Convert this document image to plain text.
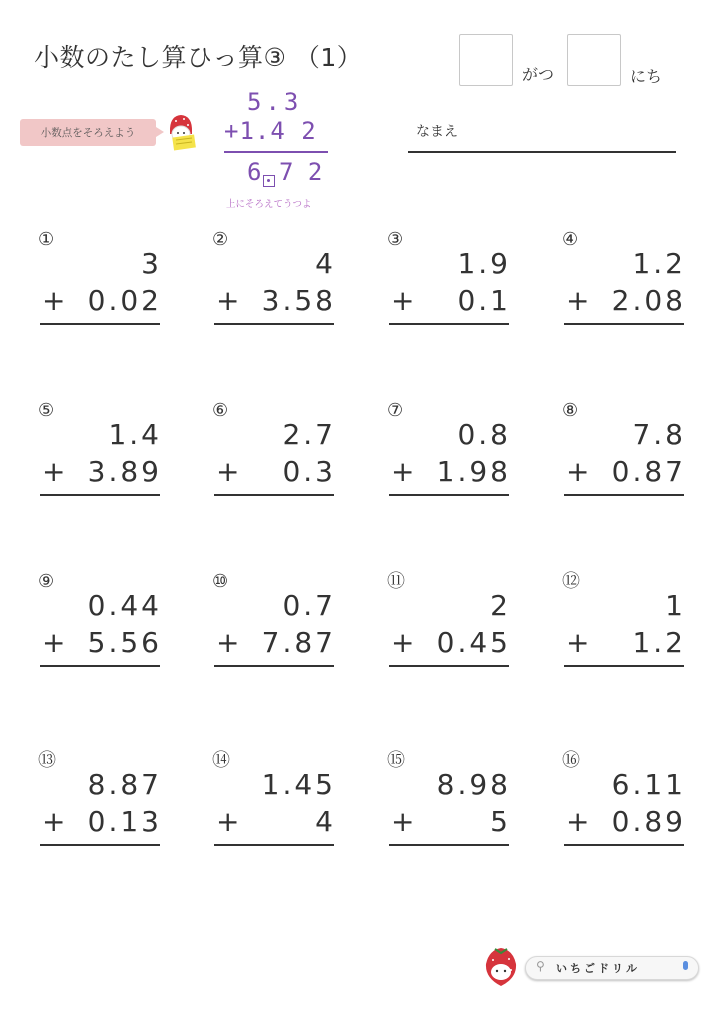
小数のたし算ひっ算③ （1）
がつ	にち
小数点をそろえよう
5.3
+1.4 2
6 7 2
上にそろえてうつよ
なまえ
①
3
+ 0.02
②
4
+ 3.58
③
1.9
+	0.1
④
1.2
+ 2.08
⑤
1.4
+ 3.89
⑥
2.7
+	0.3
⑦
0.8
+ 1.98
⑧
7.8
+ 0.87
⑨
0.44
+ 5.56
⑩
0.7
+ 7.87
⑪
2
+ 0.45
⑫
1
+	1.2
⑬
8.87
+ 0.13
⑭
1.45
+	4
⑮
8.98
+	5
⑯
6.11
+ 0.89
⚲ いちごドリル
